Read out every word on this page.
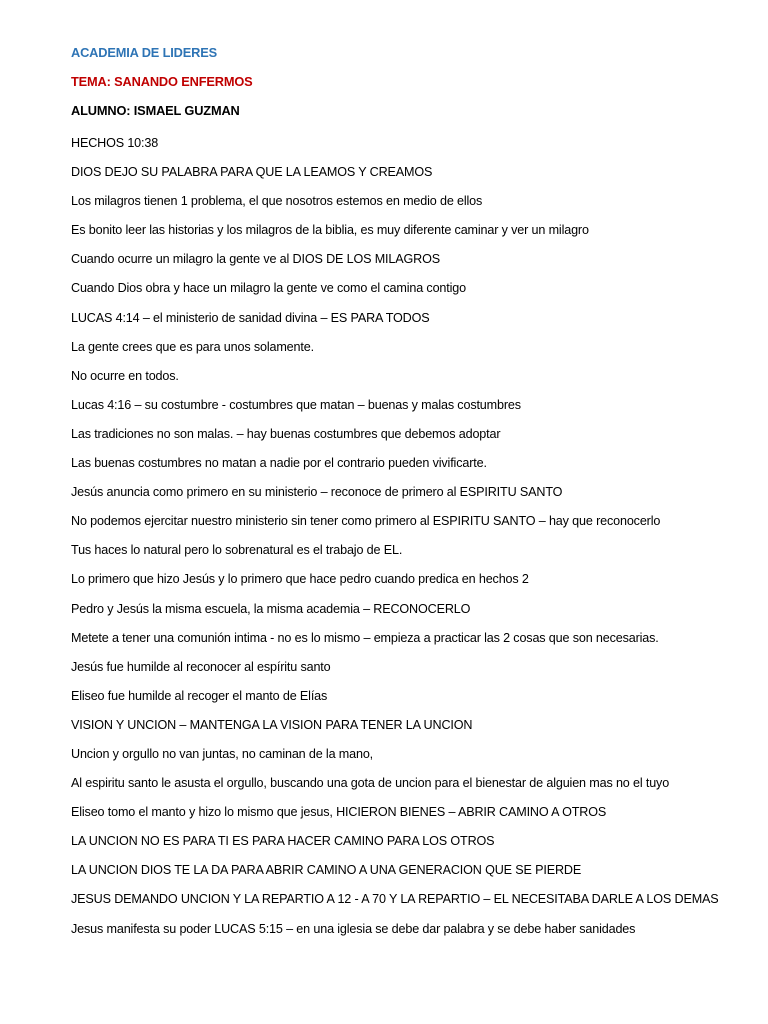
ACADEMIA DE LIDERES
TEMA: SANANDO ENFERMOS
ALUMNO: ISMAEL GUZMAN
HECHOS 10:38
DIOS DEJO SU PALABRA PARA QUE LA LEAMOS Y CREAMOS
Los milagros tienen 1 problema, el que nosotros estemos en medio de ellos
Es bonito leer las historias y los milagros de la biblia, es muy diferente caminar y ver un milagro
Cuando ocurre un milagro la gente ve al DIOS DE LOS MILAGROS
Cuando Dios obra y hace un milagro la gente ve como el camina contigo
LUCAS 4:14 – el ministerio de sanidad divina – ES PARA TODOS
La gente crees que es para unos solamente.
No ocurre en todos.
Lucas 4:16 – su costumbre - costumbres que matan – buenas y malas costumbres
Las tradiciones no son malas. – hay buenas costumbres que debemos adoptar
Las buenas costumbres no matan a nadie por el contrario pueden vivificarte.
Jesús anuncia como primero en su ministerio – reconoce de primero al ESPIRITU SANTO
No podemos ejercitar nuestro ministerio sin tener como primero al ESPIRITU SANTO – hay que reconocerlo
Tus haces lo natural pero lo sobrenatural es el trabajo de EL.
Lo primero que hizo Jesús y lo primero que hace pedro cuando predica en hechos 2
Pedro y Jesús la misma escuela, la misma academia – RECONOCERLO
Metete a tener una comunión intima - no es lo mismo – empieza a practicar las 2 cosas que son necesarias.
Jesús fue humilde al reconocer al espíritu santo
Eliseo fue humilde al recoger el manto de Elías
VISION Y UNCION – MANTENGA LA VISION PARA TENER LA UNCION
Uncion y orgullo no van juntas, no caminan de la mano,
Al espiritu santo le asusta el orgullo, buscando una gota de uncion para el bienestar de alguien mas no el tuyo
Eliseo tomo el manto y hizo lo mismo que jesus, HICIERON BIENES – ABRIR CAMINO A OTROS
LA UNCION NO ES PARA TI ES PARA HACER CAMINO PARA LOS OTROS
LA UNCION DIOS TE LA DA PARA ABRIR CAMINO A UNA GENERACION QUE SE PIERDE
JESUS DEMANDO UNCION Y LA REPARTIO A 12 - A 70 Y LA REPARTIO – EL NECESITABA DARLE A LOS DEMAS
Jesus manifesta su poder LUCAS 5:15 – en una iglesia se debe dar palabra y se debe haber sanidades
